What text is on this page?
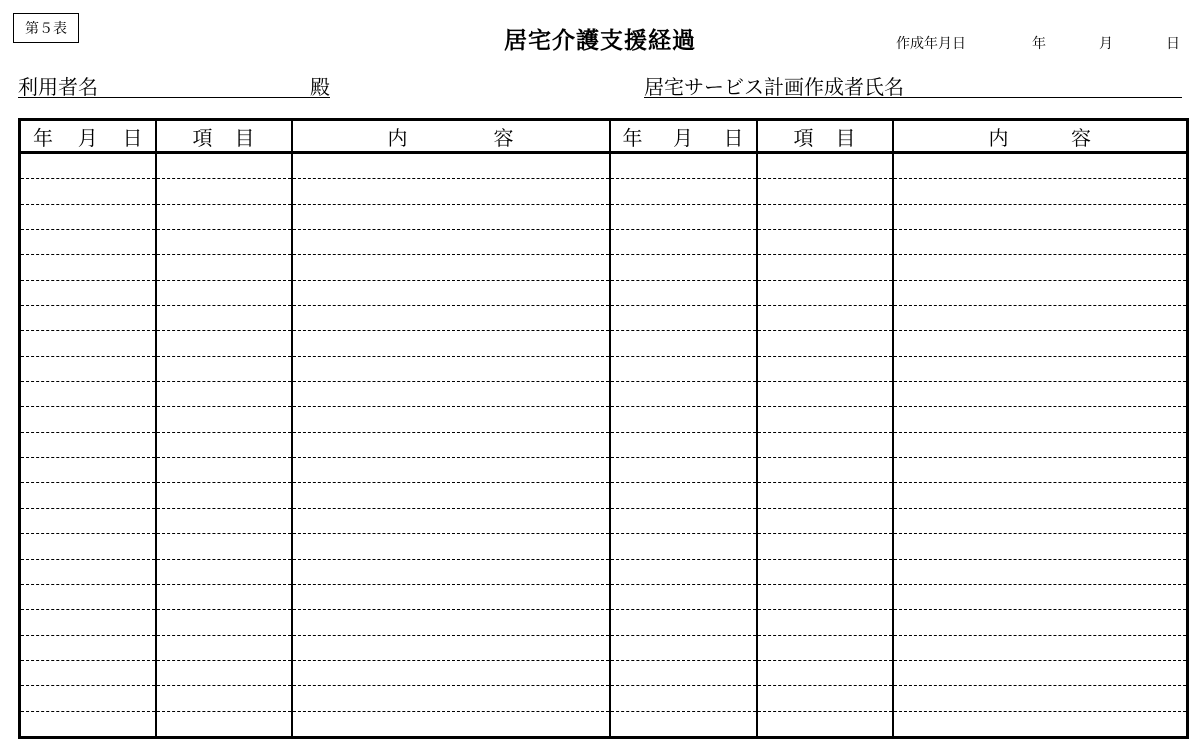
第５表	居宅介護支援経過	作成年月日	年	月	日
利用者名	殿	居宅サービス計画作成者氏名
年 月 日	項 目	内 容	年 月 日	項 目	内 容
